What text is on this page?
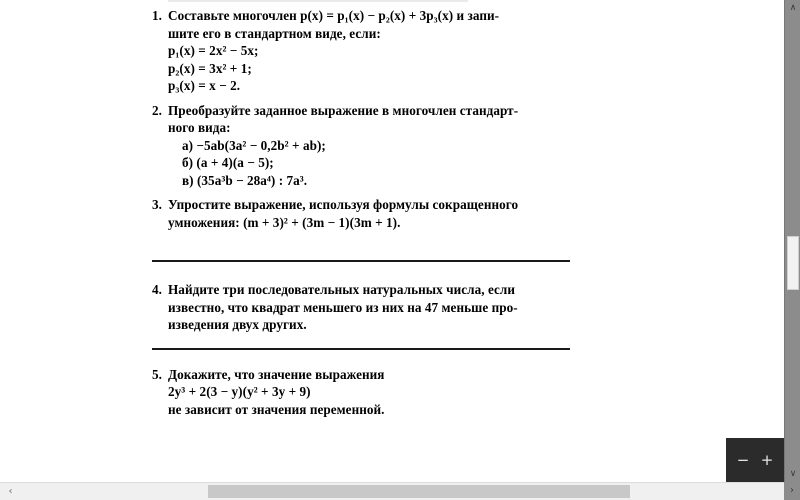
1. Составьте многочлен p(x) = p₁(x) − p₂(x) + 3p₃(x) и запи-
шите его в стандартном виде, если:
p₁(x) = 2x² − 5x;
p₂(x) = 3x² + 1;
p₃(x) = x − 2.
2. Преобразуйте заданное выражение в многочлен стандарт-
ного вида:
а) −5ab(3a² − 0,2b² + ab);
б) (a + 4)(a − 5);
в) (35a³b − 28a⁴) : 7a³.
3. Упростите выражение, используя формулы сокращенного
умножения: (m + 3)² + (3m − 1)(3m + 1).
4. Найдите три последовательных натуральных числа, если
известно, что квадрат меньшего из них на 47 меньше про-
изведения двух других.
5. Докажите, что значение выражения
2y³ + 2(3 − y)(y² + 3y + 9)
не зависит от значения переменной.
− +
∧
∨
‹	›
